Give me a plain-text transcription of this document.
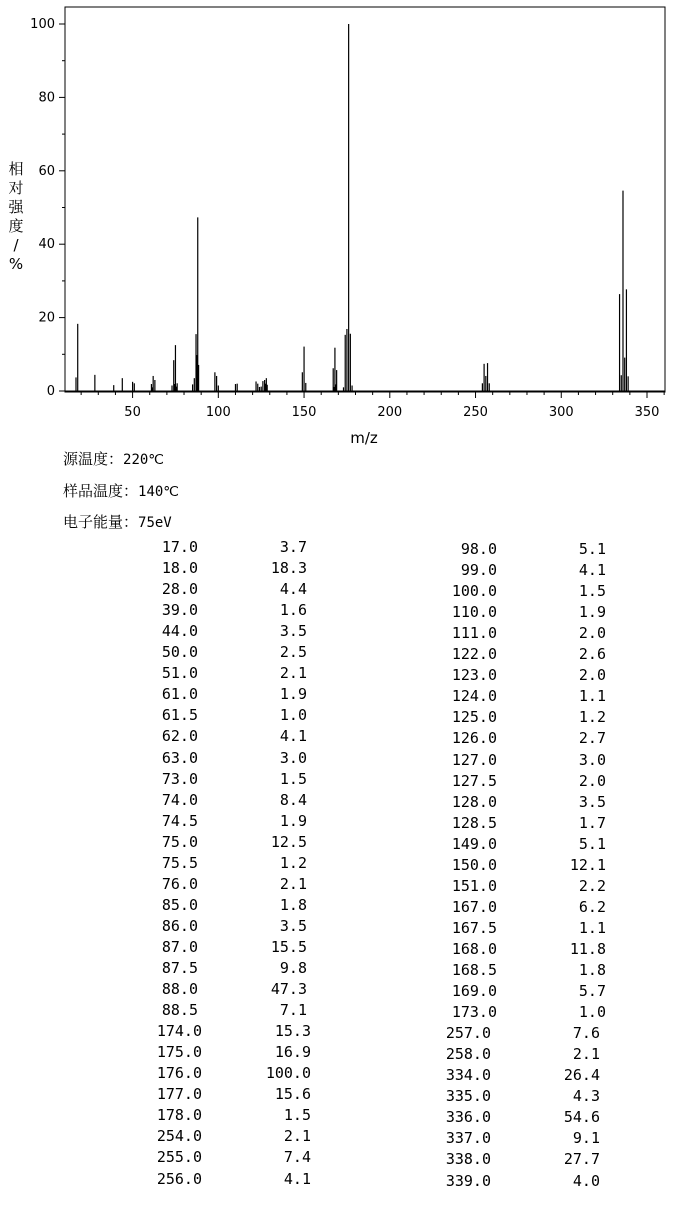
50	100	150	200	250	300	350
0
20
40
60
80
100
m/z
相
对
强
度
/
%
源温度：220℃
样品温度：140℃
电子能量：75eV
17.0	3.7
18.0	18.3
28.0	4.4
39.0	1.6
44.0	3.5
50.0	2.5
51.0	2.1
61.0	1.9
61.5	1.0
62.0	4.1
63.0	3.0
73.0	1.5
74.0	8.4
74.5	1.9
75.0	12.5
75.5	1.2
76.0	2.1
85.0	1.8
86.0	3.5
87.0	15.5
87.5	9.8
88.0	47.3
88.5	7.1
174.0	15.3
175.0	16.9
176.0	100.0
177.0	15.6
178.0	1.5
254.0	2.1
255.0	7.4
256.0	4.1
98.0	5.1
99.0	4.1
100.0	1.5
110.0	1.9
111.0	2.0
122.0	2.6
123.0	2.0
124.0	1.1
125.0	1.2
126.0	2.7
127.0	3.0
127.5	2.0
128.0	3.5
128.5	1.7
149.0	5.1
150.0	12.1
151.0	2.2
167.0	6.2
167.5	1.1
168.0	11.8
168.5	1.8
169.0	5.7
173.0	1.0
257.0	7.6
258.0	2.1
334.0	26.4
335.0	4.3
336.0	54.6
337.0	9.1
338.0	27.7
339.0	4.0
